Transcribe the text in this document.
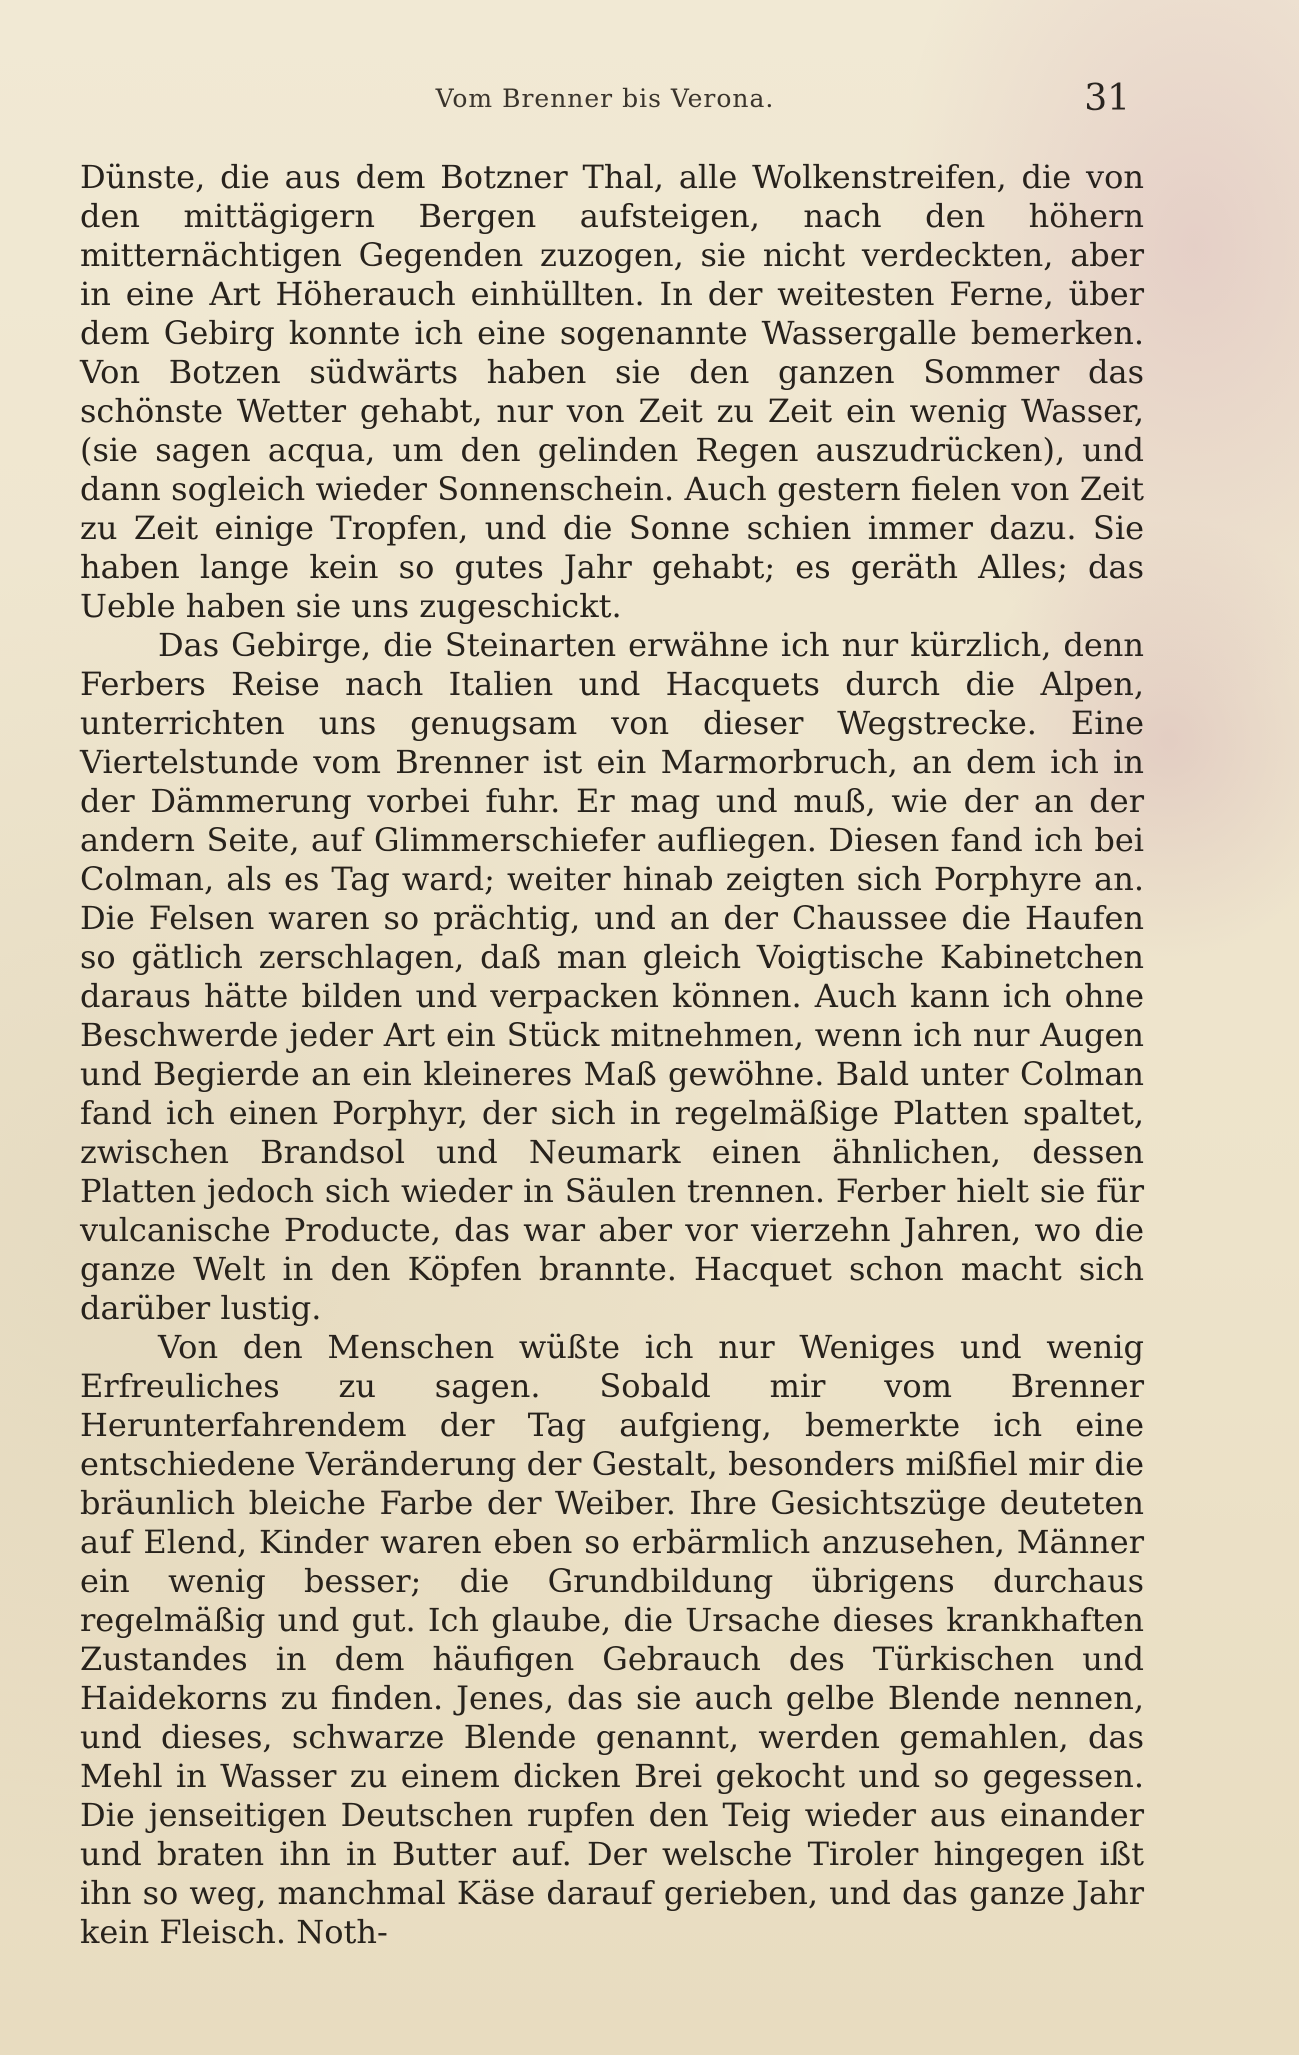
Vom Brenner bis Verona.	31

Dünste, die aus dem Botzner Thal, alle Wolkenstreifen, die von den mittägigern Bergen aufsteigen, nach den höhern mitternächtigen Gegenden zuzogen, sie nicht verdeckten, aber in eine Art Höherauch einhüllten. In der weitesten Ferne, über dem Gebirg konnte ich eine sogenannte Wassergalle bemerken. Von Botzen südwärts haben sie den ganzen Sommer das schönste Wetter gehabt, nur von Zeit zu Zeit ein wenig Wasser, (sie sagen acqua, um den gelinden Regen auszudrücken), und dann sogleich wieder Sonnenschein. Auch gestern fielen von Zeit zu Zeit einige Tropfen, und die Sonne schien immer dazu. Sie haben lange kein so gutes Jahr gehabt; es geräth Alles; das Ueble haben sie uns zugeschickt.

Das Gebirge, die Steinarten erwähne ich nur kürzlich, denn Ferbers Reise nach Italien und Hacquets durch die Alpen, unterrichten uns genugsam von dieser Wegstrecke. Eine Viertelstunde vom Brenner ist ein Marmorbruch, an dem ich in der Dämmerung vorbei fuhr. Er mag und muß, wie der an der andern Seite, auf Glimmerschiefer aufliegen. Diesen fand ich bei Colman, als es Tag ward; weiter hinab zeigten sich Porphyre an. Die Felsen waren so prächtig, und an der Chaussee die Haufen so gätlich zerschlagen, daß man gleich Voigtische Kabinetchen daraus hätte bilden und verpacken können. Auch kann ich ohne Beschwerde jeder Art ein Stück mitnehmen, wenn ich nur Augen und Begierde an ein kleineres Maß gewöhne. Bald unter Colman fand ich einen Porphyr, der sich in regelmäßige Platten spaltet, zwischen Brandsol und Neumark einen ähnlichen, dessen Platten jedoch sich wieder in Säulen trennen. Ferber hielt sie für vulcanische Producte, das war aber vor vierzehn Jahren, wo die ganze Welt in den Köpfen brannte. Hacquet schon macht sich darüber lustig.

Von den Menschen wüßte ich nur Weniges und wenig Erfreuliches zu sagen. Sobald mir vom Brenner Herunterfahrendem der Tag aufgieng, bemerkte ich eine entschiedene Veränderung der Gestalt, besonders mißfiel mir die bräunlich bleiche Farbe der Weiber. Ihre Gesichtszüge deuteten auf Elend, Kinder waren eben so erbärmlich anzusehen, Männer ein wenig besser; die Grundbildung übrigens durchaus regelmäßig und gut. Ich glaube, die Ursache dieses krankhaften Zustandes in dem häufigen Gebrauch des Türkischen und Haidekorns zu finden. Jenes, das sie auch gelbe Blende nennen, und dieses, schwarze Blende genannt, werden gemahlen, das Mehl in Wasser zu einem dicken Brei gekocht und so gegessen. Die jenseitigen Deutschen rupfen den Teig wieder aus einander und braten ihn in Butter auf. Der welsche Tiroler hingegen ißt ihn so weg, manchmal Käse darauf gerieben, und das ganze Jahr kein Fleisch. Noth-
